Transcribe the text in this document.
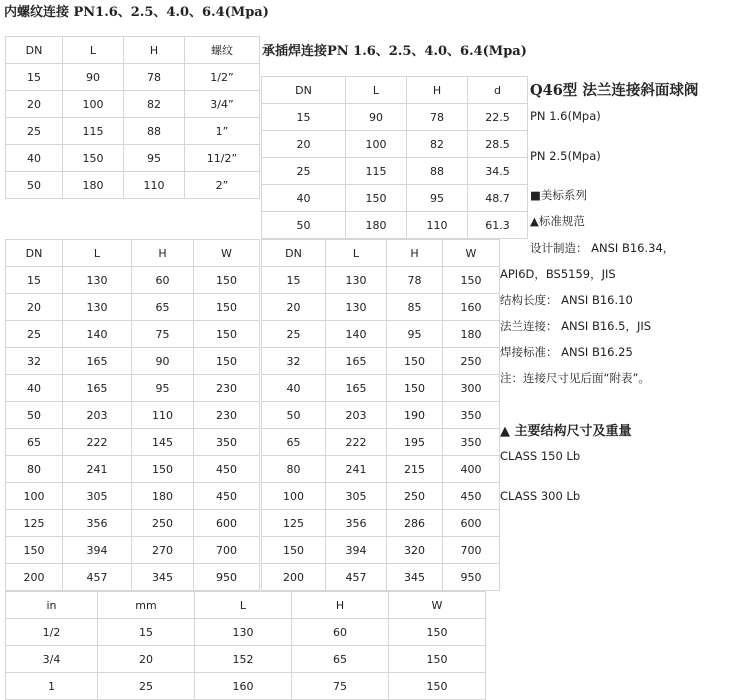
内螺纹连接 PN1.6、2.5、4.0、6.4(Mpa)
承插焊连接PN 1.6、2.5、4.0、6.4(Mpa)
DN	L	H	螺纹
15	90	78	1/2”
20	100	82	3/4”
25	115	88	1”
40	150	95	11/2”
50	180	110	2”
DN	L	H	d
15	90	78	22.5
20	100	82	28.5
25	115	88	34.5
40	150	95	48.7
50	180	110	61.3
DN	L	H	W
15	130	60	150
20	130	65	150
25	140	75	150
32	165	90	150
40	165	95	230
50	203	110	230
65	222	145	350
80	241	150	450
100	305	180	450
125	356	250	600
150	394	270	700
200	457	345	950
DN	L	H	W
15	130	78	150
20	130	85	160
25	140	95	180
32	165	150	250
40	165	150	300
50	203	190	350
65	222	195	350
80	241	215	400
100	305	250	450
125	356	286	600
150	394	320	700
200	457	345	950
in	mm	L	H	W
1/2	15	130	60	150
3/4	20	152	65	150
1	25	160	75	150
Q46型 法兰连接斜面球阀
PN 1.6(Mpa)
PN 2.5(Mpa)
■美标系列
▲标准规范
设计制造： ANSI B16.34，
API6D，BS5159，JIS
结构长度： ANSI B16.10
法兰连接： ANSI B16.5，JIS
焊接标准： ANSI B16.25
注：连接尺寸见后面“附表”。
▲ 主要结构尺寸及重量
CLASS 150 Lb
CLASS 300 Lb
